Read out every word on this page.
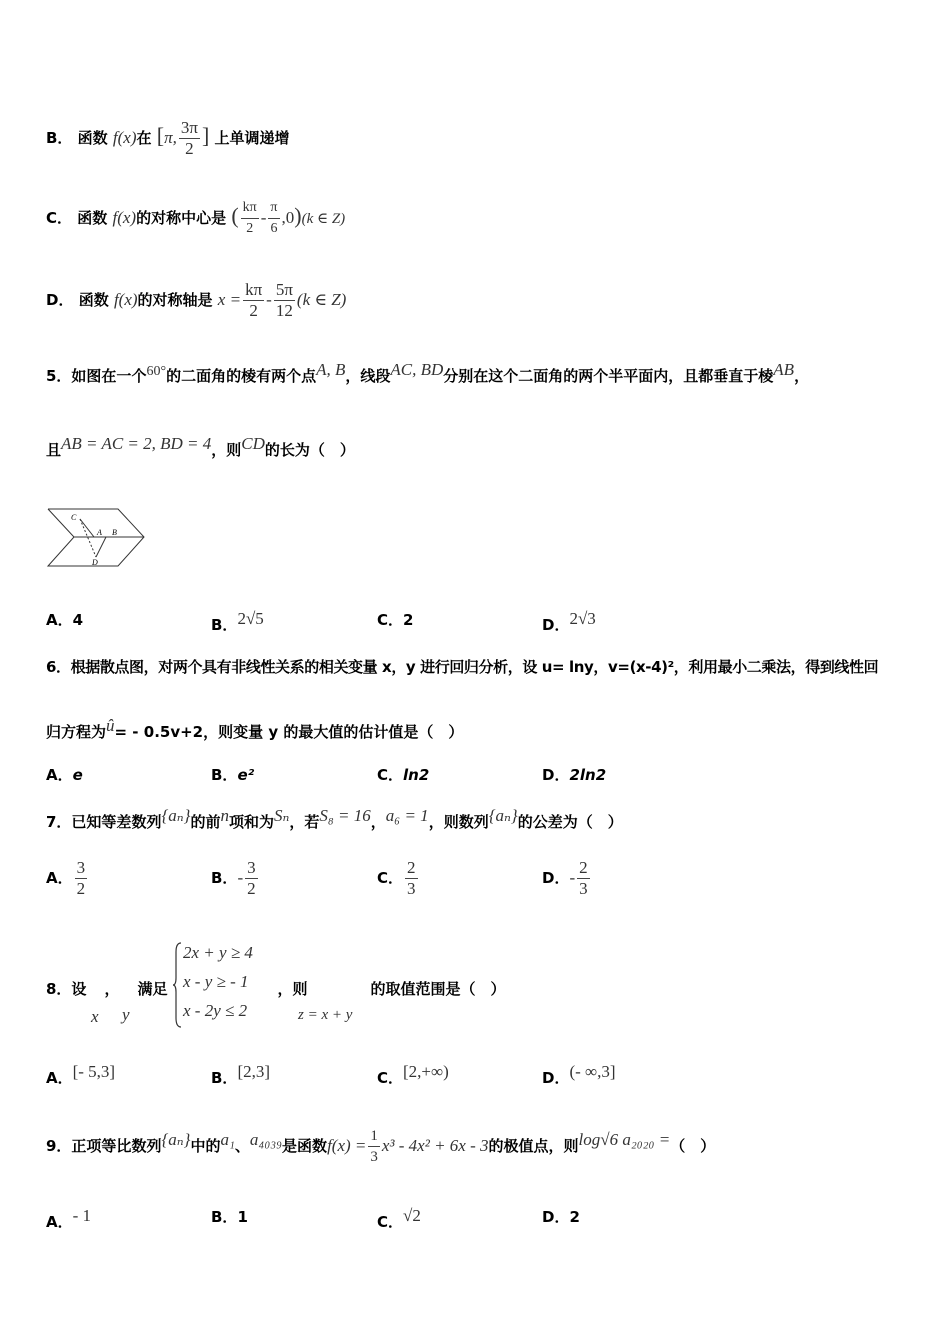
B． 函数 f(x)在 [π, $\frac{3\pi}{2}$ ] 上单调递增
C． 函数 f(x)的对称中心是 ( $\frac{k\pi}{2} - \frac{\pi}{6} ,0)(k$ ∈ Z)
D． 函数 f(x)的对称轴是 $x = \frac{k\pi}{2} - \frac{5\pi}{12} (k$ ∈ Z)
5．如图在一个$^{60^\circ}$的二面角的棱有两个点$^{A, B}$，线段$^{AC, BD}$分别在这个二面角的两个半平面内，且都垂直于棱$^{AB}$，
且$^{AB = AC = 2, BD = 4}$，则$^{CD}$的长为（　）
C
A B
D
A．4	B．$^{2√5}$	C．2	D．$^{2√3}$
6．根据散点图，对两个具有非线性关系的相关变量 x，y 进行回归分析，设 u= lny，v=(x-4)²，利用最小二乘法，得到线性回
归方程为$^û$= - 0.5v+2，则变量 y 的最大值的估计值是（　）
A．e	B．e²	C．ln2	D．2ln2
7．已知等差数列$^{\{a_n\}}$的前$^n$项和为$^{S_n}$，若$^{S_8 = 16}$，$^{a_6 = 1}$，则数列$^{\{a_n\}}$的公差为（　）
A． $\frac{3}{2}$	B．- $\frac{3}{2}$	C． $\frac{2}{3}$	D．- $\frac{2}{3}$
8．设 ， 满足	，则	的取值范围是（　）
x y	z = x + y
2x + y ≥ 4
x - y ≥ - 1
x - 2y ≤ 2
A．[- 5,3]	B．[2,3]	C．$^{[2,+\infty)}$	D．$^{(- \infty,3]}$
9．正项等比数列$^{\{a_n\}}$中的$^{a_1}$、$^{a_{4039}}$是函数$f(x) = \frac{1}{3} x^3 - 4x^2 + 6x - 3$的极值点，则$^{log√6 a_{2020} =}$（　）
A．$^{- 1}$	B．1	C．$^{√2}$	D．2
